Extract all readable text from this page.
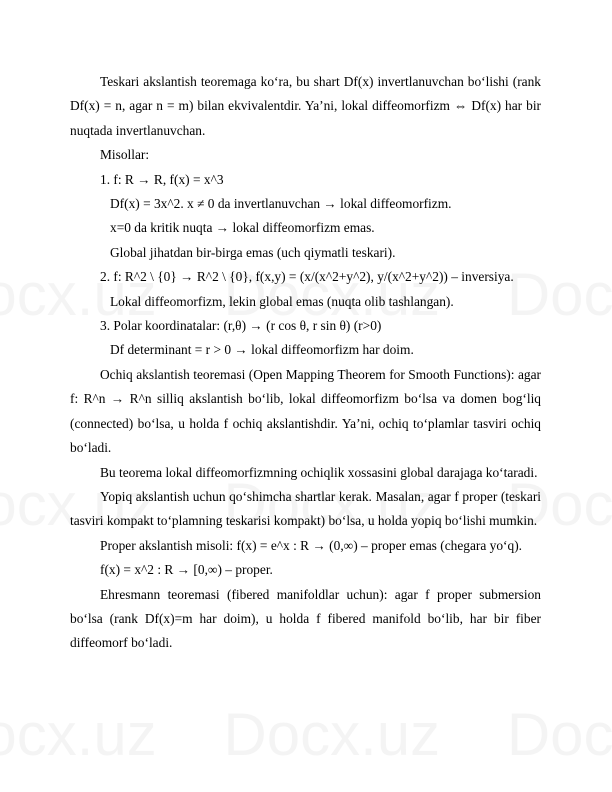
Teskari akslantish teoremaga ko‘ra, bu shart Df(x) invertlanuvchan bo‘lishi (rank Df(x) = n, agar n = m) bilan ekvivalentdir. Ya’ni, lokal diffeomorfizm ⇔ Df(x) har bir nuqtada invertlanuvchan.

Misollar:

1. f: R → R, f(x) = x^3

Df(x) = 3x^2. x ≠ 0 da invertlanuvchan → lokal diffeomorfizm.

x=0 da kritik nuqta → lokal diffeomorfizm emas.

Global jihatdan bir-birga emas (uch qiymatli teskari).

2. f: R^2 \ {0} → R^2 \ {0}, f(x,y) = (x/(x^2+y^2), y/(x^2+y^2)) – inversiya.

Lokal diffeomorfizm, lekin global emas (nuqta olib tashlangan).

3. Polar koordinatalar: (r,θ) → (r cos θ, r sin θ) (r>0)

Df determinant = r > 0 → lokal diffeomorfizm har doim.

Ochiq akslantish teoremasi (Open Mapping Theorem for Smooth Functions): agar f: R^n → R^n silliq akslantish bo‘lib, lokal diffeomorfizm bo‘lsa va domen bog‘liq (connected) bo‘lsa, u holda f ochiq akslantishdir. Ya’ni, ochiq to‘plamlar tasviri ochiq bo‘ladi.

Bu teorema lokal diffeomorfizmning ochiqlik xossasini global darajaga ko‘taradi.

Yopiq akslantish uchun qo‘shimcha shartlar kerak. Masalan, agar f proper (teskari tasviri kompakt to‘plamning teskarisi kompakt) bo‘lsa, u holda yopiq bo‘lishi mumkin.

Proper akslantish misoli: f(x) = e^x : R → (0,∞) – proper emas (chegara yo‘q).

f(x) = x^2 : R → [0,∞) – proper.

Ehresmann teoremasi (fibered manifoldlar uchun): agar f proper submersion bo‘lsa (rank Df(x)=m har doim), u holda f fibered manifold bo‘lib, har bir fiber diffeomorf bo‘ladi.
